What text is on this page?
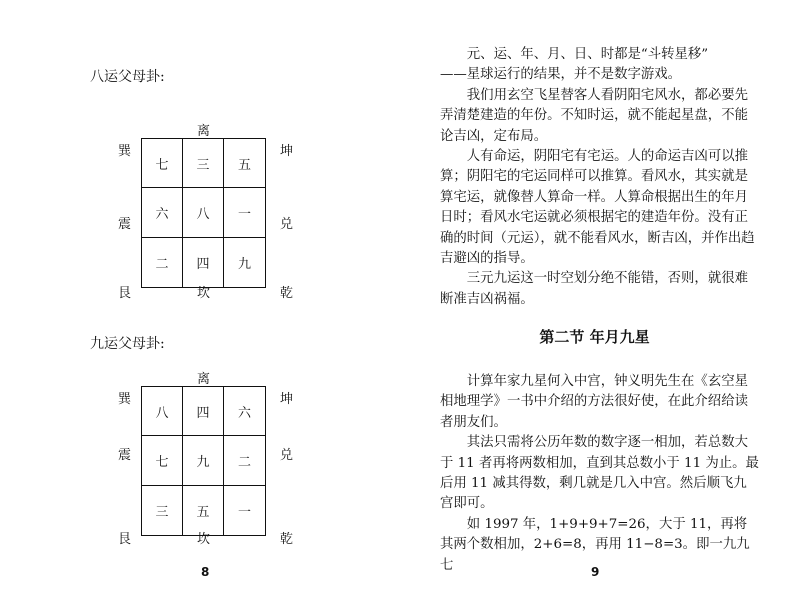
八运父母卦:
离
巽	坤
震	兑
艮	坎	乾
七	三	五
六	八	一
二	四	九
九运父母卦:
离
巽	坤
震	兑
艮	坎	乾
八	四	六
七	九	二
三	五	一
8

元、运、年、月、日、时都是“斗转星移”

——星球运行的结果，并不是数字游戏。

我们用玄空飞星替客人看阴阳宅风水，都必要先弄清楚建造的年份。不知时运，就不能起星盘，不能论吉凶，定布局。

人有命运，阴阳宅有宅运。人的命运吉凶可以推算；阴阳宅的宅运同样可以推算。看风水，其实就是算宅运，就像替人算命一样。人算命根据出生的年月日时；看风水宅运就必须根据宅的建造年份。没有正确的时间（元运），就不能看风水，断吉凶，并作出趋吉避凶的指导。

三元九运这一时空划分绝不能错，否则，就很难断准吉凶祸福。

第二节 年月九星

计算年家九星何入中宫，钟义明先生在《玄空星相地理学》一书中介绍的方法很好使，在此介绍给读者朋友们。

其法只需将公历年数的数字逐一相加，若总数大于 11 者再将两数相加，直到其总数小于 11 为止。最后用 11 减其得数，剩几就是几入中宫。然后顺飞九宫即可。

如 1997 年，1+9+9+7=26，大于 11，再将其两个数相加，2+6=8，再用 11−8=3。即一九九七	9
